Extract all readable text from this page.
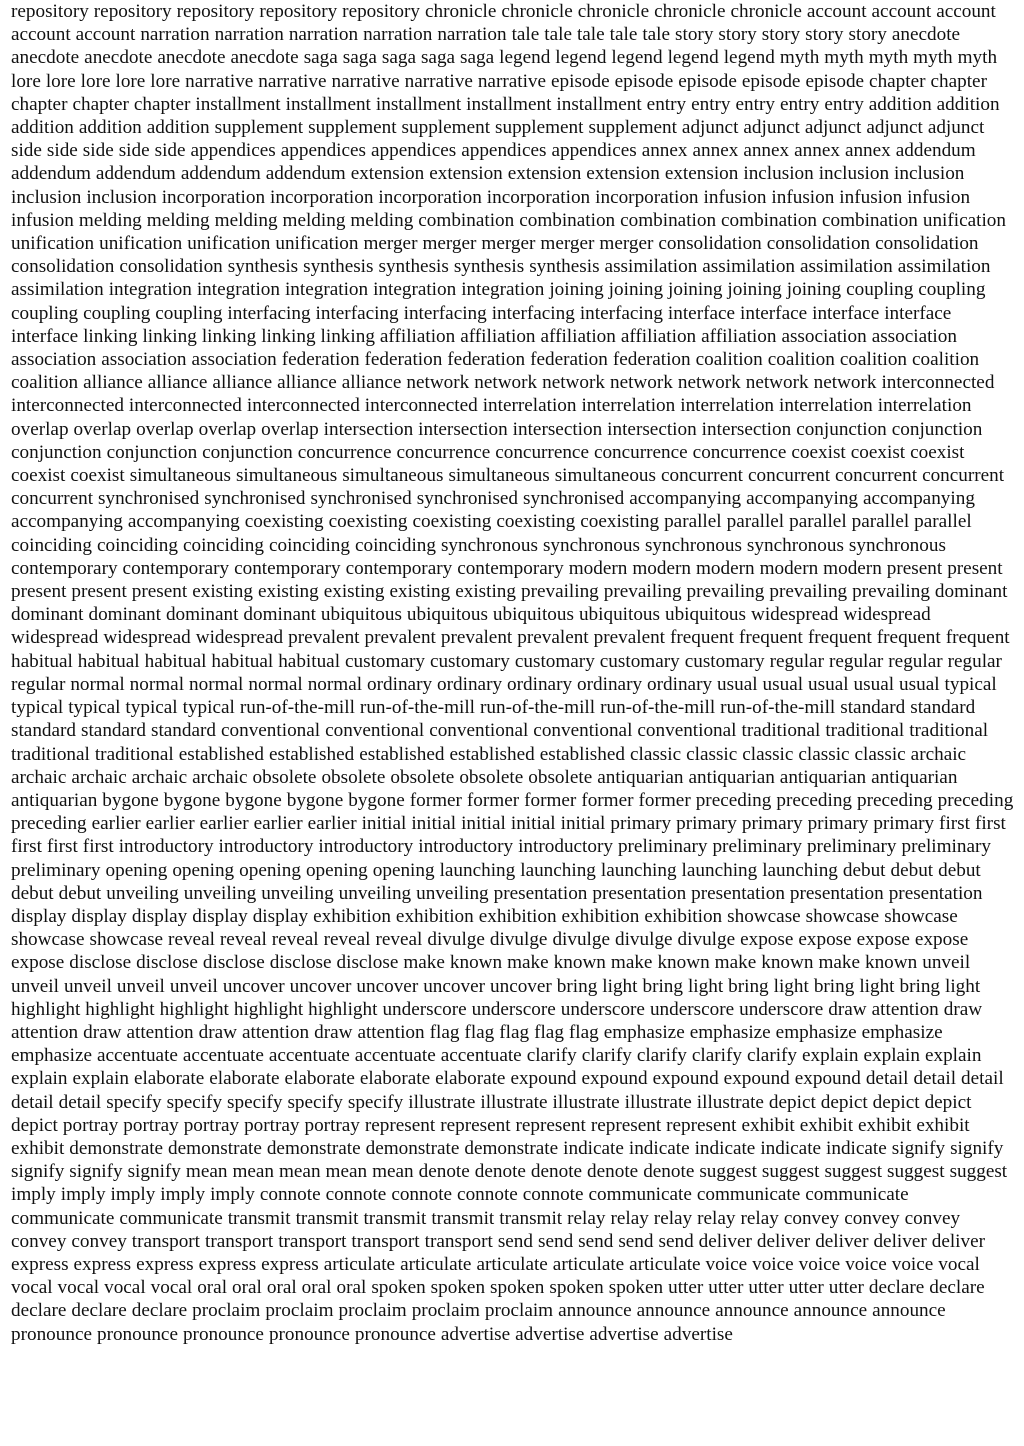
repository repository repository repository repository chronicle chronicle chronicle chronicle chronicle account account account account account narration narration narration narration narration tale tale tale tale tale story story story story story anecdote anecdote anecdote anecdote anecdote saga saga saga saga saga legend legend legend legend legend myth myth myth myth myth lore lore lore lore lore narrative narrative narrative narrative narrative episode episode episode episode episode chapter chapter chapter chapter chapter installment installment installment installment installment entry entry entry entry entry addition addition addition addition addition supplement supplement supplement supplement supplement adjunct adjunct adjunct adjunct adjunct side side side side side appendices appendices appendices appendices appendices annex annex annex annex annex addendum addendum addendum addendum addendum extension extension extension extension extension inclusion inclusion inclusion inclusion inclusion incorporation incorporation incorporation incorporation incorporation infusion infusion infusion infusion infusion melding melding melding melding melding combination combination combination combination combination unification unification unification unification unification merger merger merger merger merger consolidation consolidation consolidation consolidation consolidation synthesis synthesis synthesis synthesis synthesis assimilation assimilation assimilation assimilation assimilation integration integration integration integration integration joining joining joining joining joining coupling coupling coupling coupling coupling interfacing interfacing interfacing interfacing interfacing interface interface interface interface interface linking linking linking linking linking affiliation affiliation affiliation affiliation affiliation association association association association association federation federation federation federation federation coalition coalition coalition coalition coalition alliance alliance alliance alliance alliance network network network network network network network interconnected interconnected interconnected interconnected interconnected interrelation interrelation interrelation interrelation interrelation overlap overlap overlap overlap overlap intersection intersection intersection intersection intersection conjunction conjunction conjunction conjunction conjunction concurrence concurrence concurrence concurrence concurrence coexist coexist coexist coexist coexist simultaneous simultaneous simultaneous simultaneous simultaneous concurrent concurrent concurrent concurrent concurrent synchronised synchronised synchronised synchronised synchronised accompanying accompanying accompanying accompanying accompanying coexisting coexisting coexisting coexisting coexisting parallel parallel parallel parallel parallel coinciding coinciding coinciding coinciding coinciding synchronous synchronous synchronous synchronous synchronous contemporary contemporary contemporary contemporary contemporary modern modern modern modern modern present present present present present existing existing existing existing existing prevailing prevailing prevailing prevailing prevailing dominant dominant dominant dominant dominant ubiquitous ubiquitous ubiquitous ubiquitous ubiquitous widespread widespread widespread widespread widespread prevalent prevalent prevalent prevalent prevalent frequent frequent frequent frequent frequent habitual habitual habitual habitual habitual customary customary customary customary customary regular regular regular regular regular normal normal normal normal normal ordinary ordinary ordinary ordinary ordinary usual usual usual usual usual typical typical typical typical typical run-of-the-mill run-of-the-mill run-of-the-mill run-of-the-mill run-of-the-mill standard standard standard standard standard conventional conventional conventional conventional conventional traditional traditional traditional traditional traditional established established established established established classic classic classic classic classic archaic archaic archaic archaic archaic obsolete obsolete obsolete obsolete obsolete antiquarian antiquarian antiquarian antiquarian antiquarian bygone bygone bygone bygone bygone former former former former former preceding preceding preceding preceding preceding earlier earlier earlier earlier earlier initial initial initial initial initial primary primary primary primary primary first first first first first introductory introductory introductory introductory introductory preliminary preliminary preliminary preliminary preliminary opening opening opening opening opening launching launching launching launching launching debut debut debut debut debut unveiling unveiling unveiling unveiling unveiling presentation presentation presentation presentation presentation display display display display display exhibition exhibition exhibition exhibition exhibition showcase showcase showcase showcase showcase reveal reveal reveal reveal reveal divulge divulge divulge divulge divulge expose expose expose expose expose disclose disclose disclose disclose disclose make known make known make known make known make known unveil unveil unveil unveil unveil uncover uncover uncover uncover uncover bring light bring light bring light bring light bring light highlight highlight highlight highlight highlight underscore underscore underscore underscore underscore draw attention draw attention draw attention draw attention draw attention flag flag flag flag flag emphasize emphasize emphasize emphasize emphasize accentuate accentuate accentuate accentuate accentuate clarify clarify clarify clarify clarify explain explain explain explain explain elaborate elaborate elaborate elaborate elaborate expound expound expound expound expound detail detail detail detail detail specify specify specify specify specify illustrate illustrate illustrate illustrate illustrate depict depict depict depict depict portray portray portray portray portray represent represent represent represent represent exhibit exhibit exhibit exhibit exhibit demonstrate demonstrate demonstrate demonstrate demonstrate indicate indicate indicate indicate indicate signify signify signify signify signify mean mean mean mean mean denote denote denote denote denote suggest suggest suggest suggest suggest imply imply imply imply imply connote connote connote connote connote communicate communicate communicate communicate communicate transmit transmit transmit transmit transmit relay relay relay relay relay convey convey convey convey convey transport transport transport transport transport send send send send send deliver deliver deliver deliver deliver express express express express express articulate articulate articulate articulate articulate voice voice voice voice voice vocal vocal vocal vocal vocal oral oral oral oral oral spoken spoken spoken spoken spoken utter utter utter utter utter declare declare declare declare declare proclaim proclaim proclaim proclaim proclaim announce announce announce announce announce pronounce pronounce pronounce pronounce pronounce advertise advertise advertise advertise
